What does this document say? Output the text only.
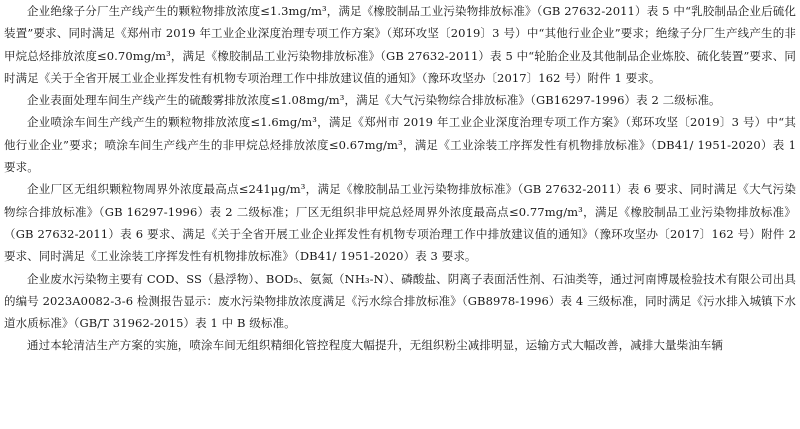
企业绝缘子分厂生产线产生的颗粒物排放浓度≤1.3mg/m³，满足《橡胶制品工业污染物排放标准》（GB 27632-2011）表 5 中“乳胶制品企业后硫化装置”要求、同时满足《郑州市 2019 年工业企业深度治理专项工作方案》（郑环攻坚〔2019〕3 号）中“其他行业企业”要求；绝缘子分厂生产线产生的非甲烷总烃排放浓度≤0.70mg/m³，满足《橡胶制品工业污染物排放标准》（GB 27632-2011）表 5 中“轮胎企业及其他制品企业炼胶、硫化装置”要求、同时满足《关于全省开展工业企业挥发性有机物专项治理工作中排放建议值的通知》（豫环攻坚办〔2017〕162 号）附件 1 要求。

企业表面处理车间生产线产生的硫酸雾排放浓度≤1.08mg/m³，满足《大气污染物综合排放标准》（GB16297-1996）表 2 二级标准。

企业喷涂车间生产线产生的颗粒物排放浓度≤1.6mg/m³，满足《郑州市 2019 年工业企业深度治理专项工作方案》（郑环攻坚〔2019〕3 号）中“其他行业企业”要求；喷涂车间生产线产生的非甲烷总烃排放浓度≤0.67mg/m³，满足《工业涂装工序挥发性有机物排放标准》（DB41/ 1951-2020）表 1 要求。

企业厂区无组织颗粒物周界外浓度最高点≤241μg/m³，满足《橡胶制品工业污染物排放标准》（GB 27632-2011）表 6 要求、同时满足《大气污染物综合排放标准》（GB 16297-1996）表 2 二级标准；厂区无组织非甲烷总烃周界外浓度最高点≤0.77mg/m³，满足《橡胶制品工业污染物排放标准》（GB 27632-2011）表 6 要求、满足《关于全省开展工业企业挥发性有机物专项治理工作中排放建议值的通知》（豫环攻坚办〔2017〕162 号）附件 2 要求、同时满足《工业涂装工序挥发性有机物排放标准》（DB41/ 1951-2020）表 3 要求。

企业废水污染物主要有 COD、SS（悬浮物）、BOD₅、氨氮（NH₃-N）、磷酸盐、阴离子表面活性剂、石油类等，通过河南博晟检验技术有限公司出具的编号 2023A0082-3-6 检测报告显示：废水污染物排放浓度满足《污水综合排放标准》（GB8978-1996）表 4 三级标准，同时满足《污水排入城镇下水道水质标准》（GB/T 31962-2015）表 1 中 B 级标准。

通过本轮清洁生产方案的实施，喷涂车间无组织精细化管控程度大幅提升，无组织粉尘减排明显，运输方式大幅改善，减排大量柴油车辆
